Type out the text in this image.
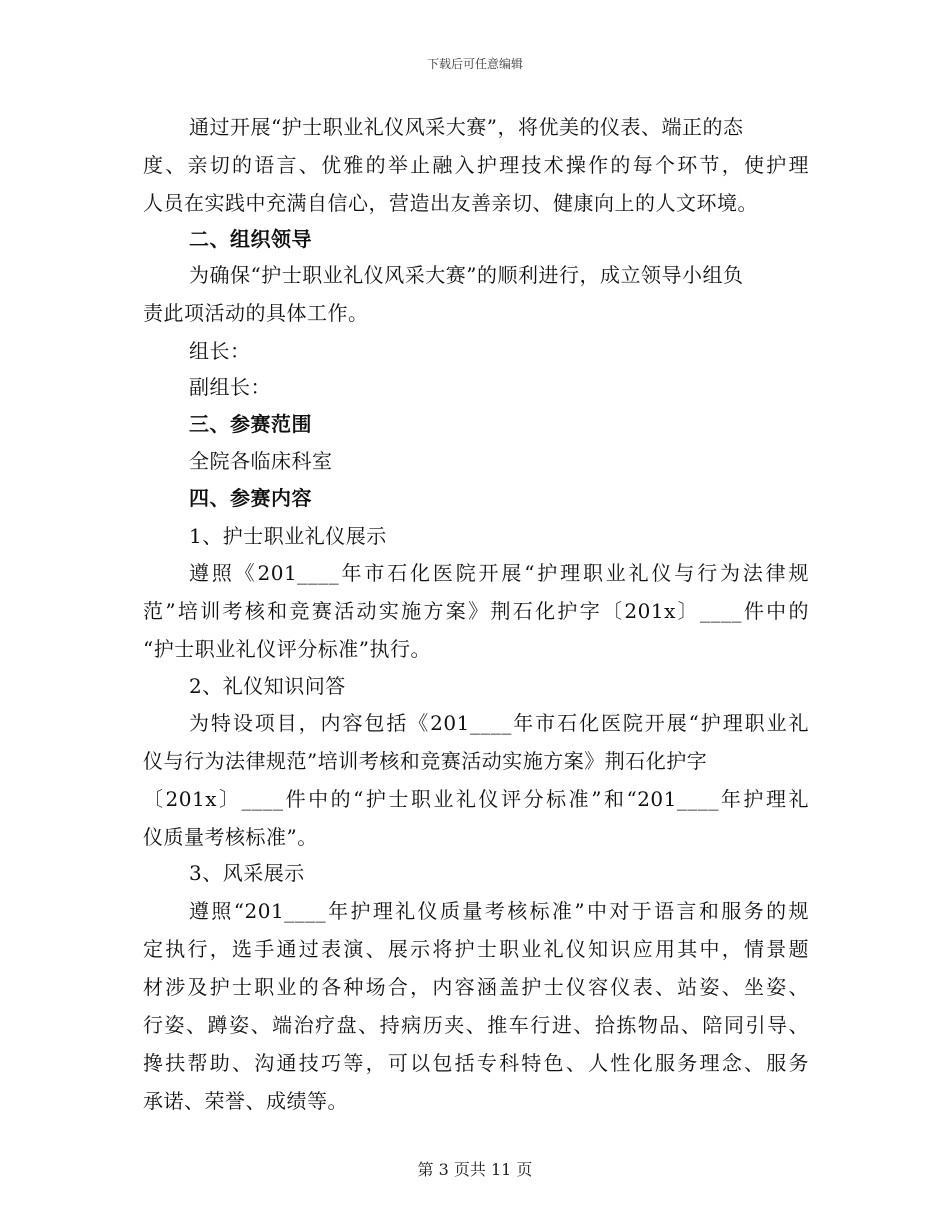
下载后可任意编辑
通过开展“护士职业礼仪风采大赛”，将优美的仪表、端正的态
度、亲切的语言、优雅的举止融入护理技术操作的每个环节，使护理
人员在实践中充满自信心，营造出友善亲切、健康向上的人文环境。
二、组织领导
为确保“护士职业礼仪风采大赛”的顺利进行，成立领导小组负
责此项活动的具体工作。
组长：
副组长：
三、参赛范围
全院各临床科室
四、参赛内容
1、护士职业礼仪展示
遵照《201____年市石化医院开展“护理职业礼仪与行为法律规
范”培训考核和竞赛活动实施方案》荆石化护字〔201x〕____件中的
“护士职业礼仪评分标准”执行。
2、礼仪知识问答
为特设项目，内容包括《201____年市石化医院开展“护理职业礼
仪与行为法律规范”培训考核和竞赛活动实施方案》荆石化护字
〔201x〕____件中的“护士职业礼仪评分标准”和“201____年护理礼
仪质量考核标准”。
3、风采展示
遵照“201____年护理礼仪质量考核标准”中对于语言和服务的规
定执行，选手通过表演、展示将护士职业礼仪知识应用其中，情景题
材涉及护士职业的各种场合，内容涵盖护士仪容仪表、站姿、坐姿、
行姿、蹲姿、端治疗盘、持病历夹、推车行进、拾拣物品、陪同引导、
搀扶帮助、沟通技巧等，可以包括专科特色、人性化服务理念、服务
承诺、荣誉、成绩等。
第 3 页共 11 页
